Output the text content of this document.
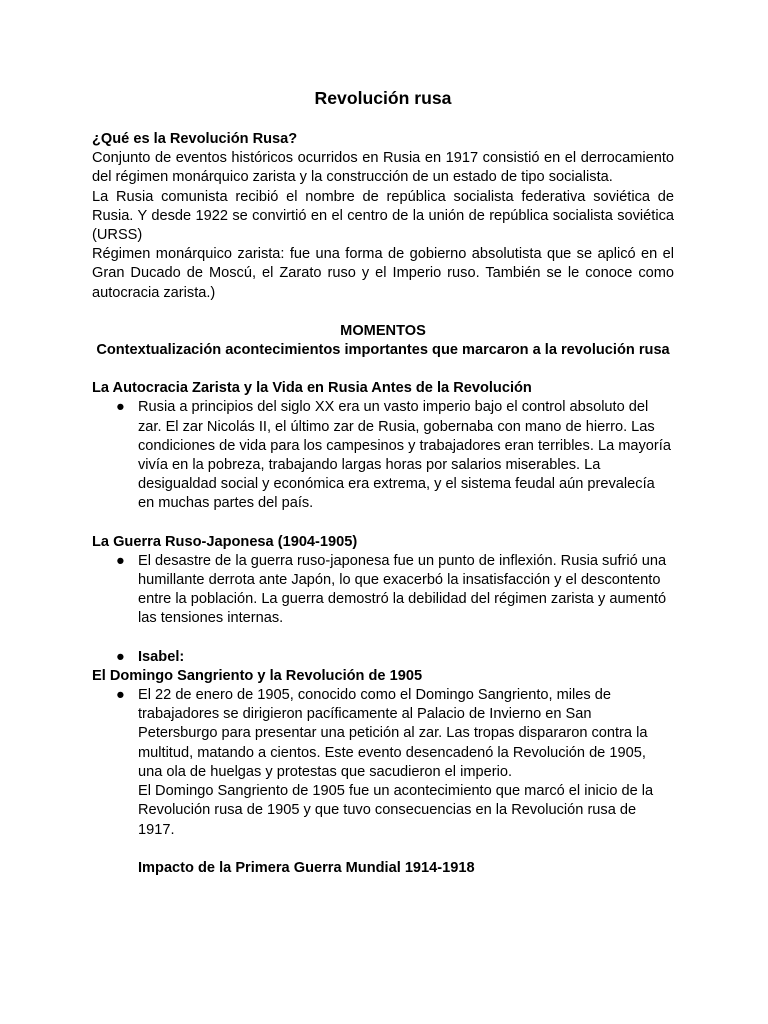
Revolución rusa

¿Qué es la Revolución Rusa?

Conjunto de eventos históricos ocurridos en Rusia en 1917 consistió en el derrocamiento del régimen monárquico zarista y la construcción de un estado de tipo socialista.

La Rusia comunista recibió el nombre de república socialista federativa soviética de Rusia. Y desde 1922 se convirtió en el centro de la unión de república socialista soviética (URSS)

Régimen monárquico zarista: fue una forma de gobierno absolutista que se aplicó en el Gran Ducado de Moscú, el Zarato ruso y el Imperio ruso. También se le conoce como autocracia zarista.)

MOMENTOS

Contextualización acontecimientos importantes que marcaron a la revolución rusa

La Autocracia Zarista y la Vida en Rusia Antes de la Revolución

● Rusia a principios del siglo XX era un vasto imperio bajo el control absoluto del zar. El zar Nicolás II, el último zar de Rusia, gobernaba con mano de hierro. Las condiciones de vida para los campesinos y trabajadores eran terribles. La mayoría vivía en la pobreza, trabajando largas horas por salarios miserables. La desigualdad social y económica era extrema, y el sistema feudal aún prevalecía en muchas partes del país.

La Guerra Ruso-Japonesa (1904-1905)

● El desastre de la guerra ruso-japonesa fue un punto de inflexión. Rusia sufrió una humillante derrota ante Japón, lo que exacerbó la insatisfacción y el descontento entre la población. La guerra demostró la debilidad del régimen zarista y aumentó las tensiones internas.
● Isabel:

El Domingo Sangriento y la Revolución de 1905

● El 22 de enero de 1905, conocido como el Domingo Sangriento, miles de trabajadores se dirigieron pacíficamente al Palacio de Invierno en San Petersburgo para presentar una petición al zar. Las tropas dispararon contra la multitud, matando a cientos. Este evento desencadenó la Revolución de 1905, una ola de huelgas y protestas que sacudieron el imperio.

El Domingo Sangriento de 1905 fue un acontecimiento que marcó el inicio de la Revolución rusa de 1905 y que tuvo consecuencias en la Revolución rusa de 1917.

Impacto de la Primera Guerra Mundial 1914-1918
